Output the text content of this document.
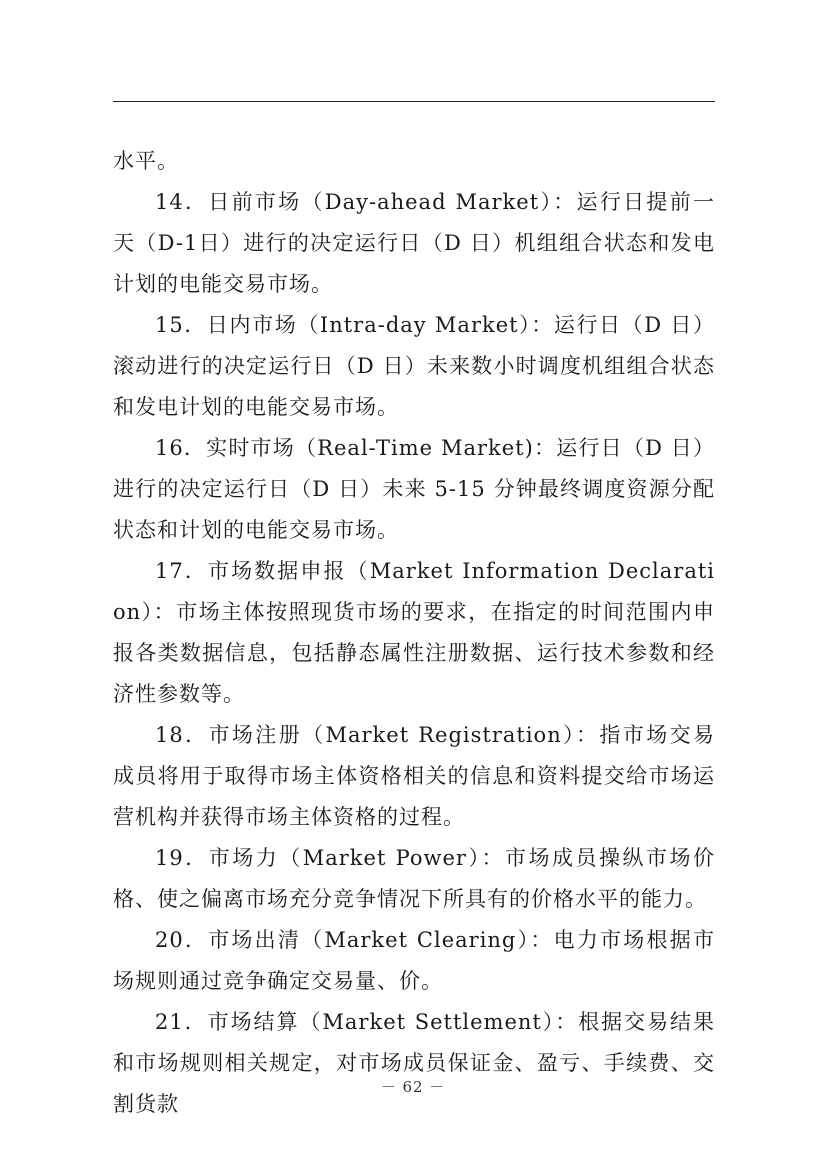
水平。

14．日前市场（Day-ahead Market）：运行日提前一天（D-1日）进行的决定运行日（D 日）机组组合状态和发电计划的电能交易市场。

15．日内市场（Intra-day Market）：运行日（D 日）滚动进行的决定运行日（D 日）未来数小时调度机组组合状态和发电计划的电能交易市场。

16．实时市场（Real-Time Market)：运行日（D 日）进行的决定运行日（D 日）未来 5-15 分钟最终调度资源分配状态和计划的电能交易市场。

17．市场数据申报（Market Information Declaration）：市场主体按照现货市场的要求，在指定的时间范围内申报各类数据信息，包括静态属性注册数据、运行技术参数和经济性参数等。

18．市场注册（Market Registration）：指市场交易成员将用于取得市场主体资格相关的信息和资料提交给市场运营机构并获得市场主体资格的过程。

19．市场力（Market Power）：市场成员操纵市场价格、使之偏离市场充分竞争情况下所具有的价格水平的能力。

20．市场出清（Market Clearing）：电力市场根据市场规则通过竞争确定交易量、价。

21．市场结算（Market Settlement）：根据交易结果和市场规则相关规定，对市场成员保证金、盈亏、手续费、交割货款

－ 62 －
